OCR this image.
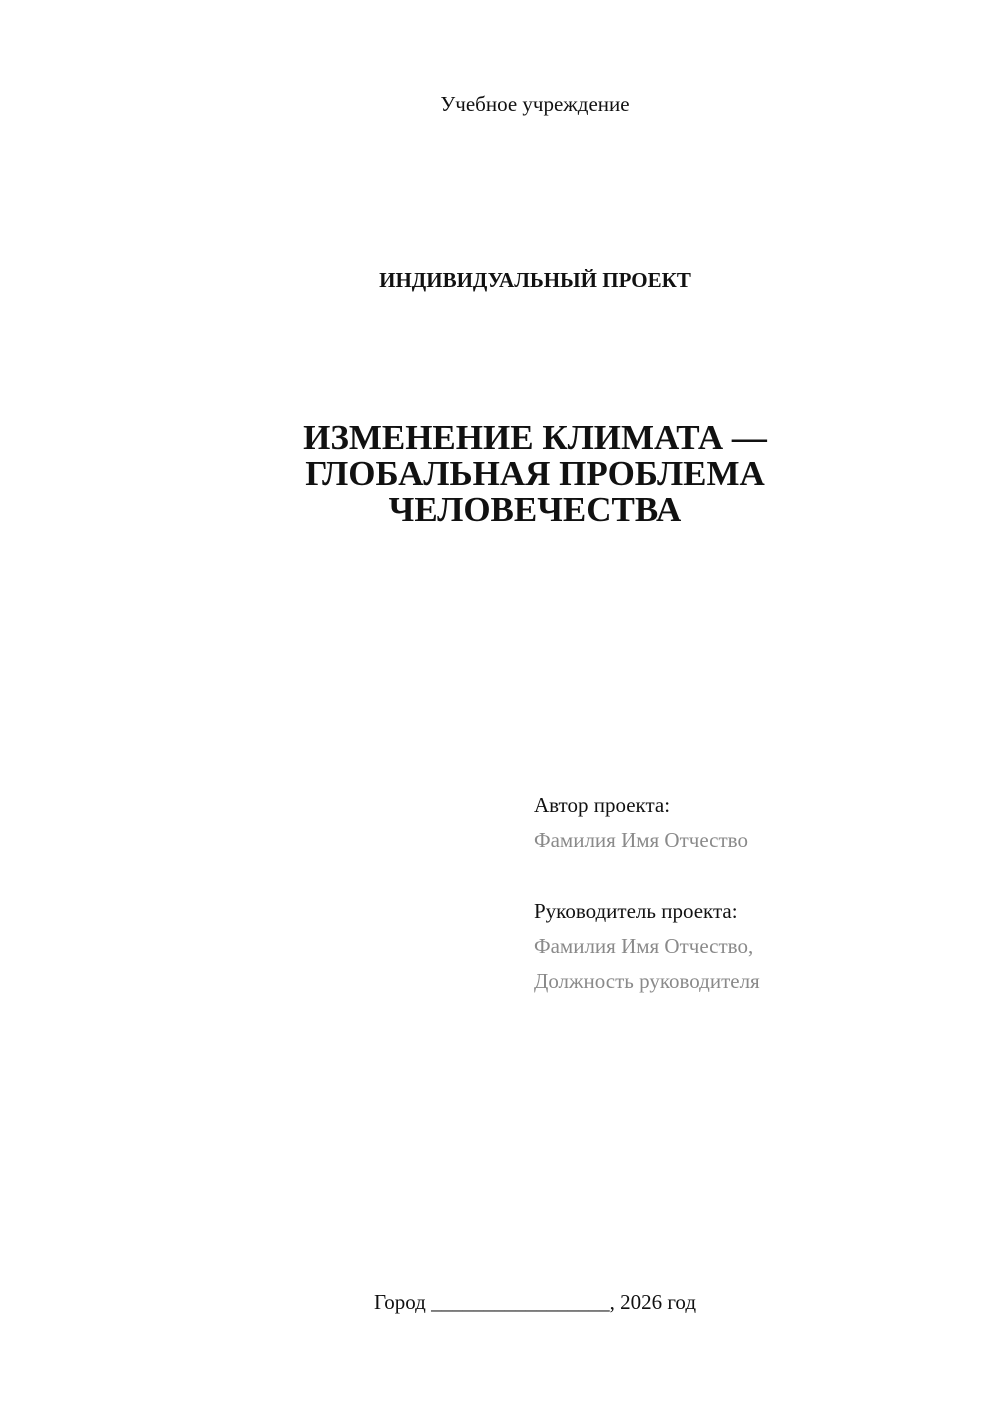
Учебное учреждение
ИНДИВИДУАЛЬНЫЙ ПРОЕКТ
ИЗМЕНЕНИЕ КЛИМАТА —
ГЛОБАЛЬНАЯ ПРОБЛЕМА
ЧЕЛОВЕЧЕСТВА
Автор проекта:
Фамилия Имя Отчество
Руководитель проекта:
Фамилия Имя Отчество,
Должность руководителя
Город _________________, 2026 год
